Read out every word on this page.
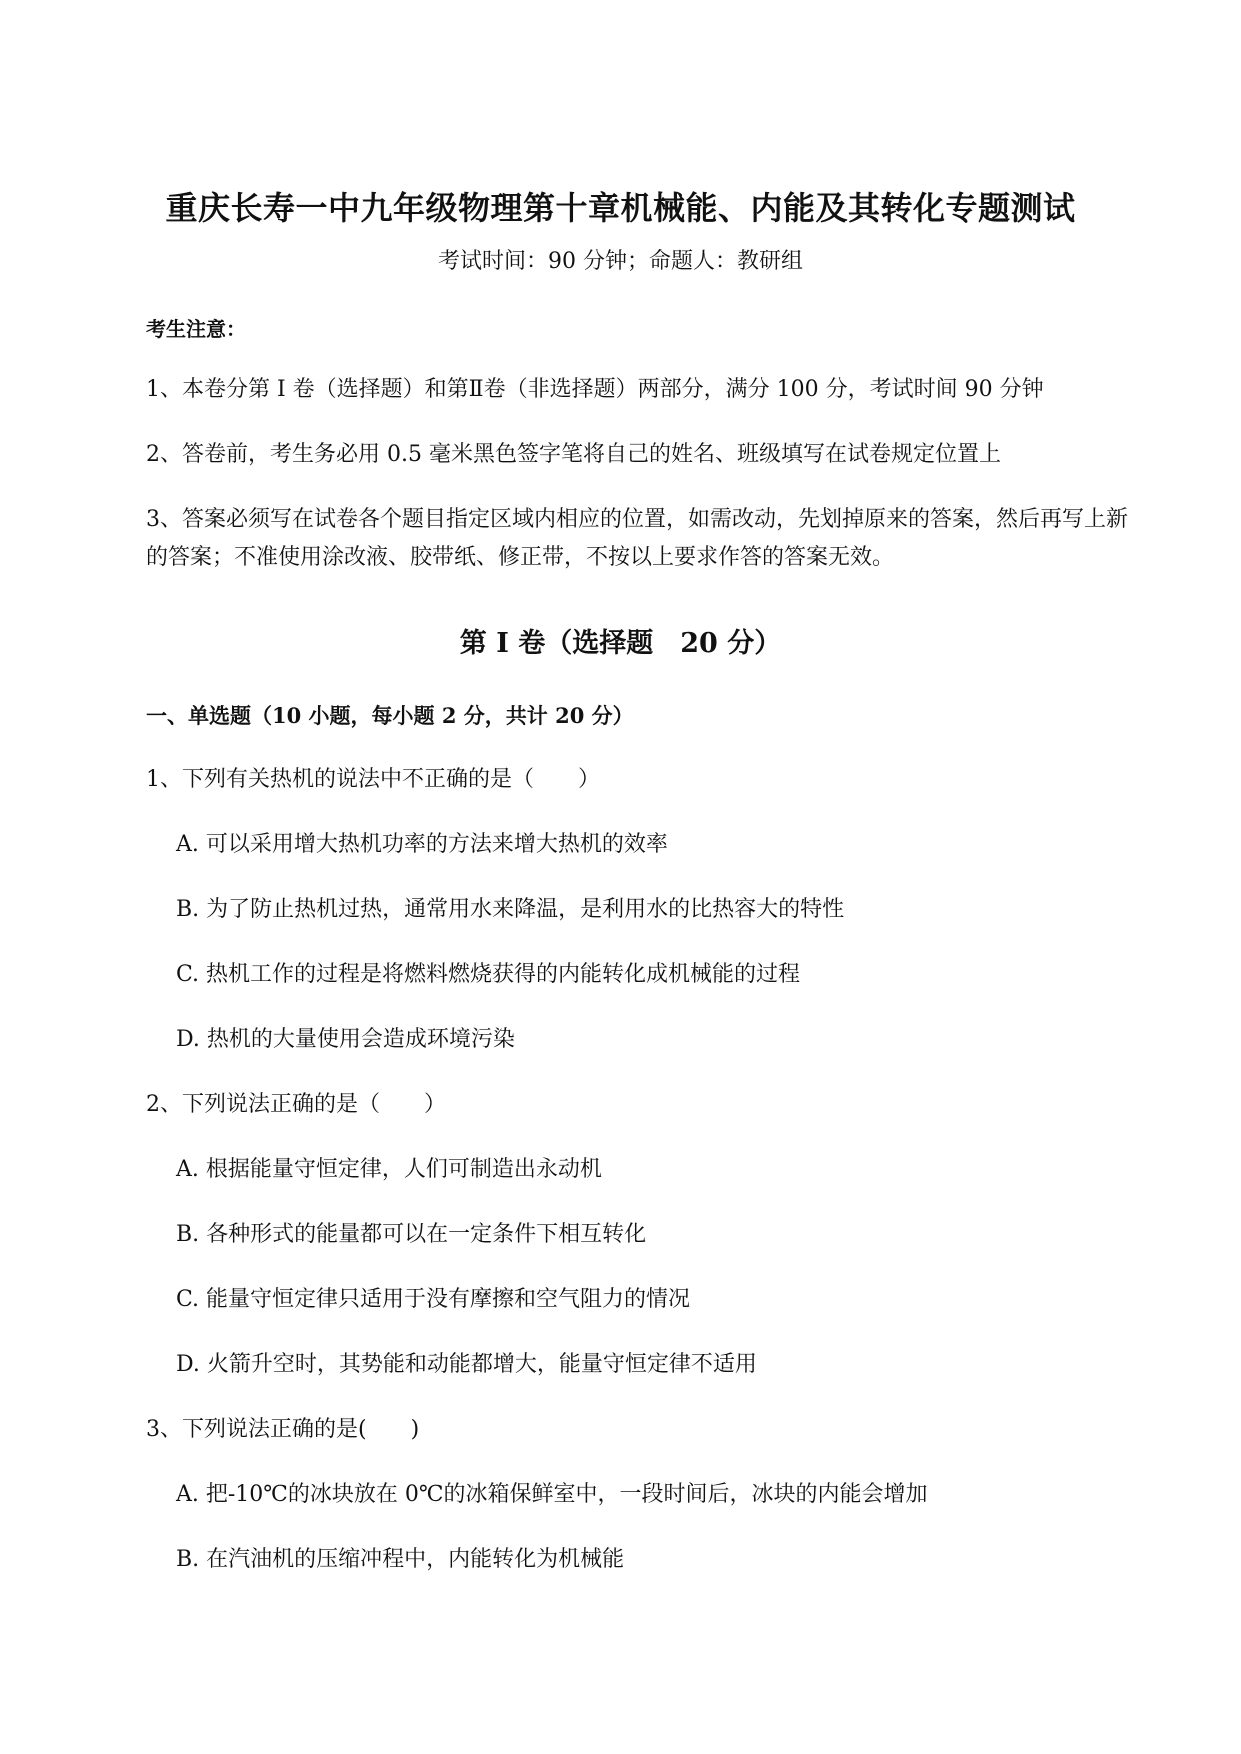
重庆长寿一中九年级物理第十章机械能、内能及其转化专题测试
考试时间：90 分钟；命题人：教研组
考生注意：
1、本卷分第 I 卷（选择题）和第Ⅱ卷（非选择题）两部分，满分 100 分，考试时间 90 分钟
2、答卷前，考生务必用 0.5 毫米黑色签字笔将自己的姓名、班级填写在试卷规定位置上
3、答案必须写在试卷各个题目指定区域内相应的位置，如需改动，先划掉原来的答案，然后再写上新
的答案；不准使用涂改液、胶带纸、修正带，不按以上要求作答的答案无效。
第 I 卷（选择题　20 分）
一、单选题（10 小题，每小题 2 分，共计 20 分）
1、下列有关热机的说法中不正确的是（　　）
A. 可以采用增大热机功率的方法来增大热机的效率
B. 为了防止热机过热，通常用水来降温，是利用水的比热容大的特性
C. 热机工作的过程是将燃料燃烧获得的内能转化成机械能的过程
D. 热机的大量使用会造成环境污染
2、下列说法正确的是（　　）
A. 根据能量守恒定律，人们可制造出永动机
B. 各种形式的能量都可以在一定条件下相互转化
C. 能量守恒定律只适用于没有摩擦和空气阻力的情况
D. 火箭升空时，其势能和动能都增大，能量守恒定律不适用
3、下列说法正确的是(　　)
A. 把-10℃的冰块放在 0℃的冰箱保鲜室中，一段时间后，冰块的内能会增加
B. 在汽油机的压缩冲程中，内能转化为机械能
